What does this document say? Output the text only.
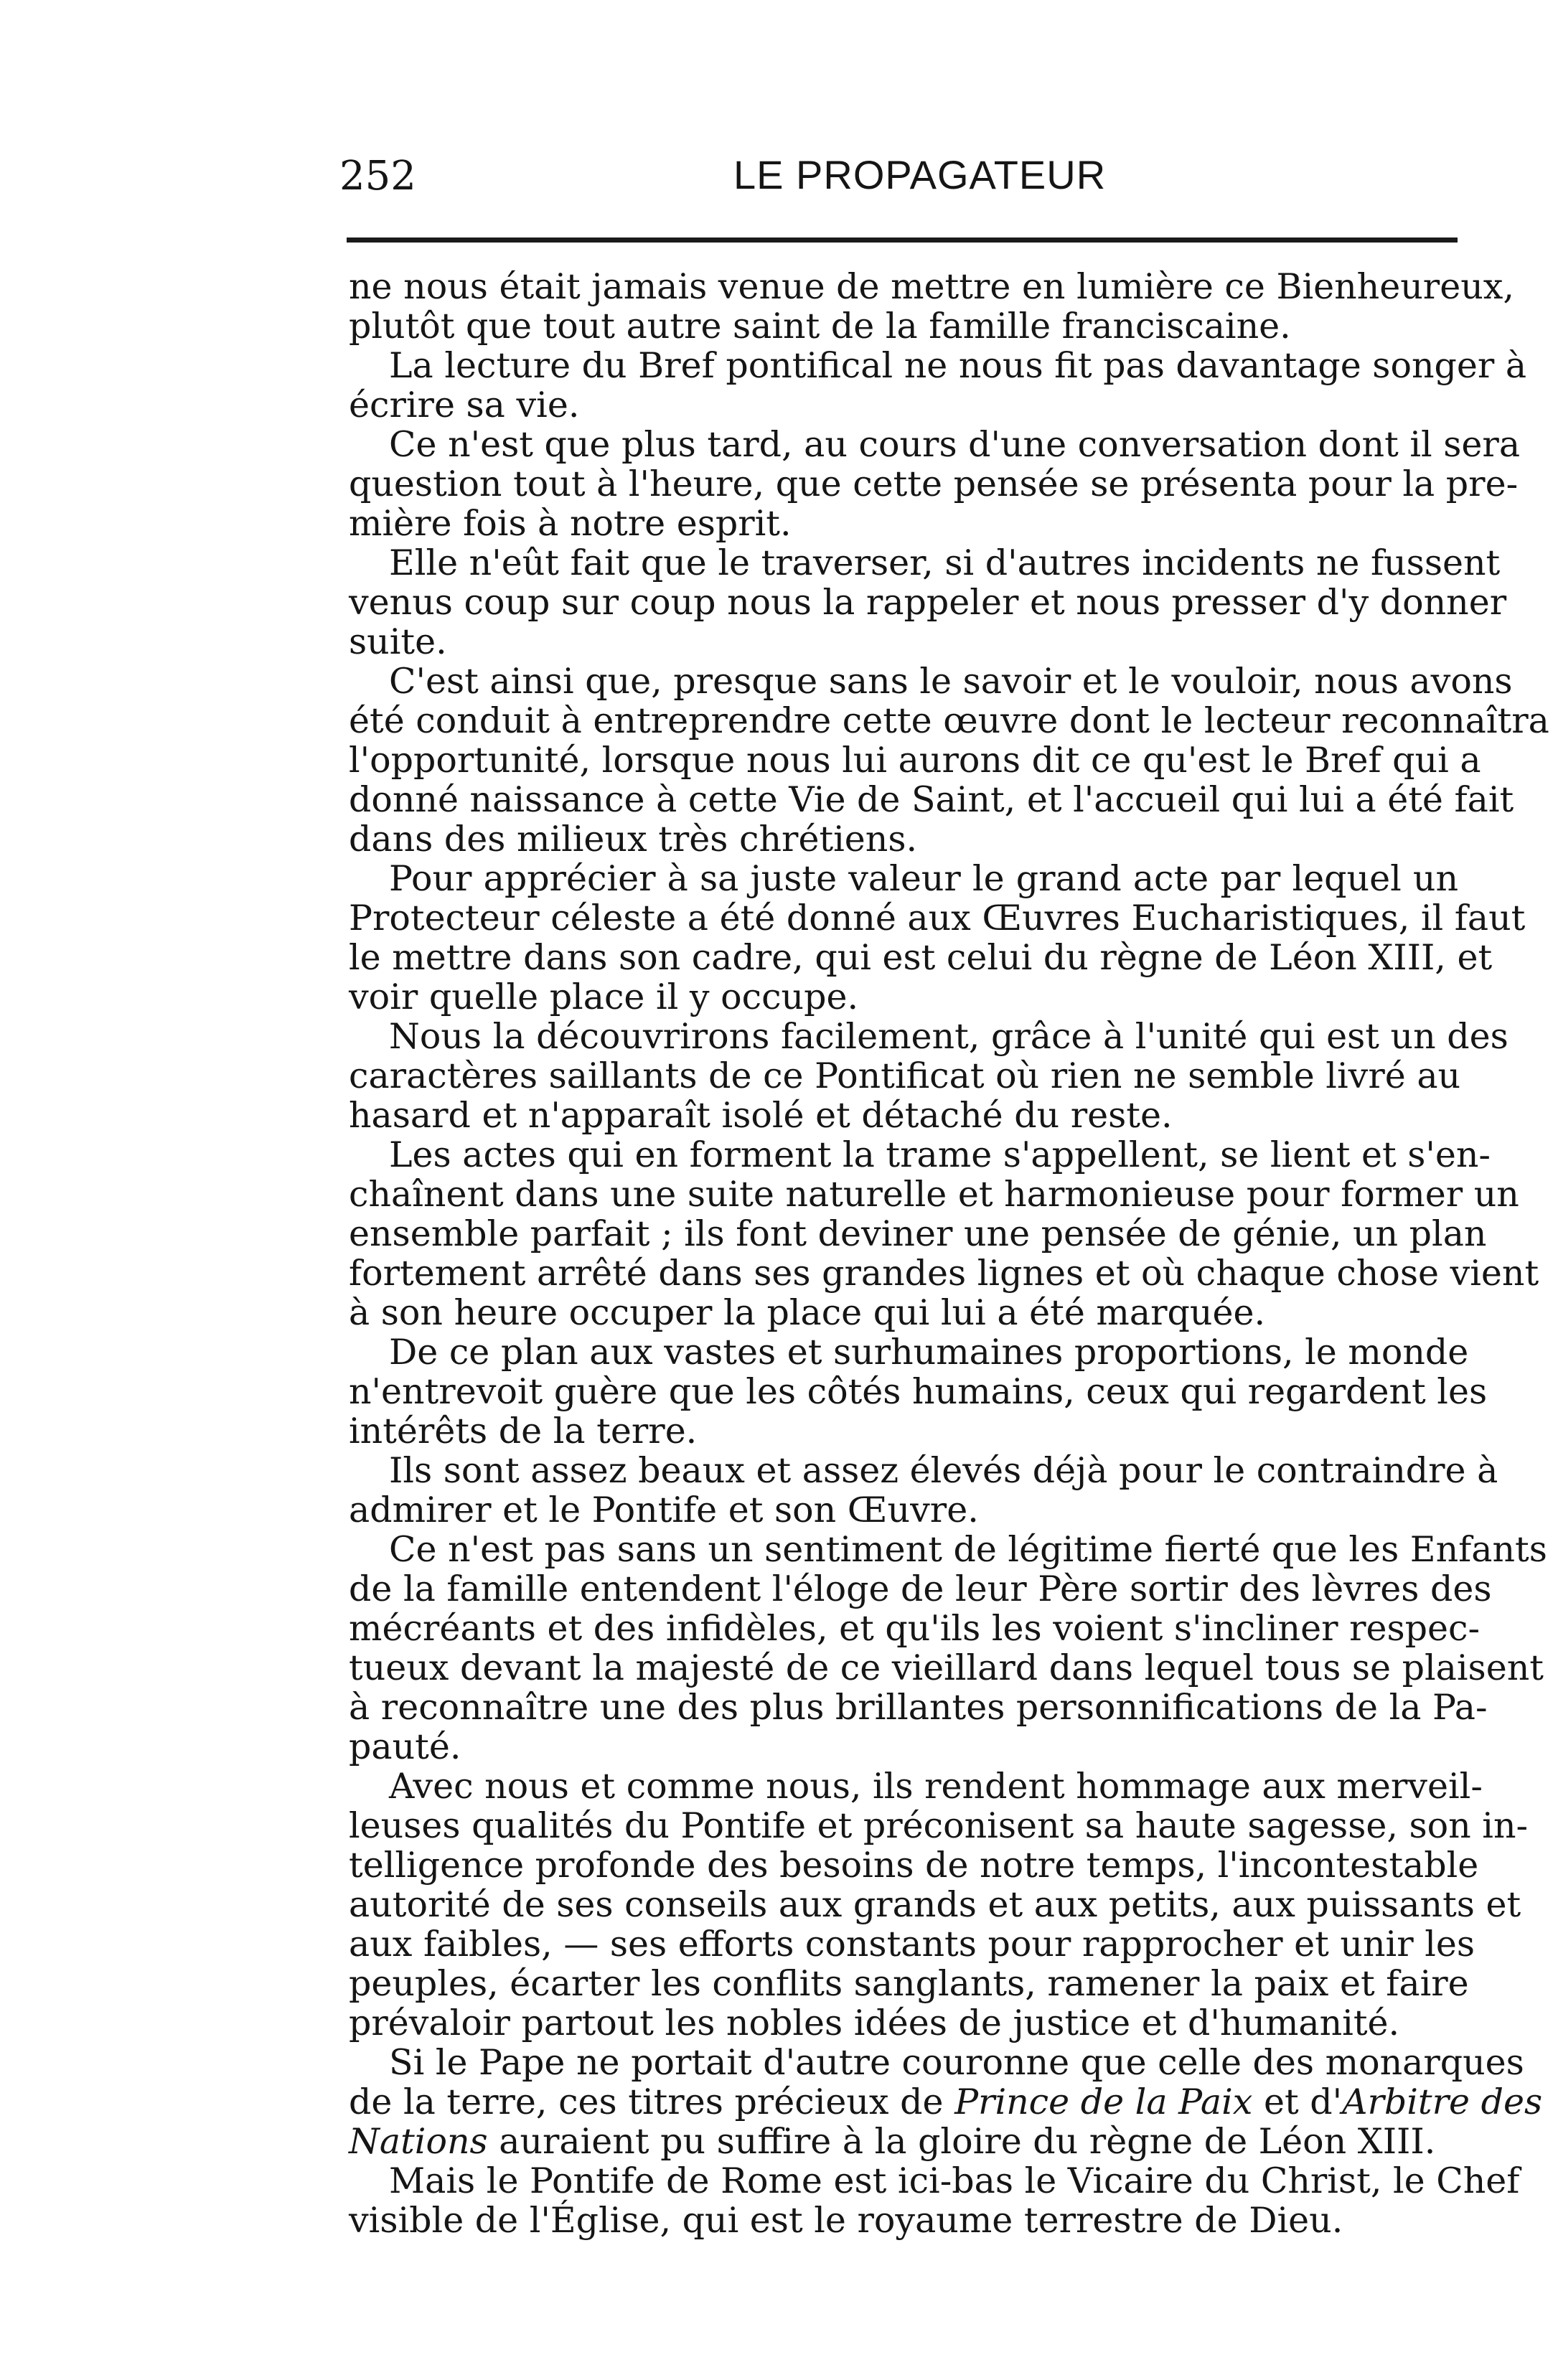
252	LE PROPAGATEUR
ne nous était jamais venue de mettre en lumière ce Bienheureux,
plutôt que tout autre saint de la famille franciscaine.
La lecture du Bref pontifical ne nous fit pas davantage songer à
écrire sa vie.
Ce n'est que plus tard, au cours d'une conversation dont il sera
question tout à l'heure, que cette pensée se présenta pour la pre-
mière fois à notre esprit.
Elle n'eût fait que le traverser, si d'autres incidents ne fussent
venus coup sur coup nous la rappeler et nous presser d'y donner
suite.
C'est ainsi que, presque sans le savoir et le vouloir, nous avons
été conduit à entreprendre cette œuvre dont le lecteur reconnaîtra
l'opportunité, lorsque nous lui aurons dit ce qu'est le Bref qui a
donné naissance à cette Vie de Saint, et l'accueil qui lui a été fait
dans des milieux très chrétiens.
Pour apprécier à sa juste valeur le grand acte par lequel un
Protecteur céleste a été donné aux Œuvres Eucharistiques, il faut
le mettre dans son cadre, qui est celui du règne de Léon XIII, et
voir quelle place il y occupe.
Nous la découvrirons facilement, grâce à l'unité qui est un des
caractères saillants de ce Pontificat où rien ne semble livré au
hasard et n'apparaît isolé et détaché du reste.
Les actes qui en forment la trame s'appellent, se lient et s'en-
chaînent dans une suite naturelle et harmonieuse pour former un
ensemble parfait ; ils font deviner une pensée de génie, un plan
fortement arrêté dans ses grandes lignes et où chaque chose vient
à son heure occuper la place qui lui a été marquée.
De ce plan aux vastes et surhumaines proportions, le monde
n'entrevoit guère que les côtés humains, ceux qui regardent les
intérêts de la terre.
Ils sont assez beaux et assez élevés déjà pour le contraindre à
admirer et le Pontife et son Œuvre.
Ce n'est pas sans un sentiment de légitime fierté que les Enfants
de la famille entendent l'éloge de leur Père sortir des lèvres des
mécréants et des infidèles, et qu'ils les voient s'incliner respec-
tueux devant la majesté de ce vieillard dans lequel tous se plaisent
à reconnaître une des plus brillantes personnifications de la Pa-
pauté.
Avec nous et comme nous, ils rendent hommage aux merveil-
leuses qualités du Pontife et préconisent sa haute sagesse, son in-
telligence profonde des besoins de notre temps, l'incontestable
autorité de ses conseils aux grands et aux petits, aux puissants et
aux faibles, — ses efforts constants pour rapprocher et unir les
peuples, écarter les conflits sanglants, ramener la paix et faire
prévaloir partout les nobles idées de justice et d'humanité.
Si le Pape ne portait d'autre couronne que celle des monarques
de la terre, ces titres précieux de Prince de la Paix et d'Arbitre des
Nations auraient pu suffire à la gloire du règne de Léon XIII.
Mais le Pontife de Rome est ici-bas le Vicaire du Christ, le Chef
visible de l'Église, qui est le royaume terrestre de Dieu.
